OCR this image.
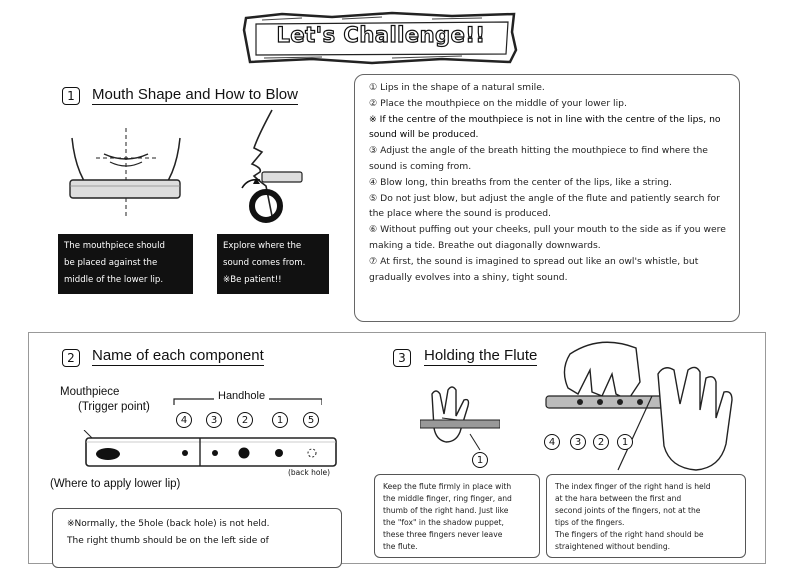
Let's Challenge!!
1	Mouth Shape and How to Blow
The mouthpiece should
be placed against the
middle of the lower lip.
Explore where the
sound comes from.
※Be patient!!

① Lips in the shape of a natural smile.

② Place the mouthpiece on the middle of your lower lip.

※ If the centre of the mouthpiece is not in line with the centre of the lips, no sound will be produced.

③ Adjust the angle of the breath hitting the mouthpiece to find where the sound is coming from.

④ Blow long, thin breaths from the center of the lips, like a string.

⑤ Do not just blow, but adjust the angle of the flute and patiently search for the place where the sound is produced.

⑥ Without puffing out your cheeks, pull your mouth to the side as if you were making a tide. Breathe out diagonally downwards.

⑦ At first, the sound is imagined to spread out like an owl's whistle, but gradually evolves into a shiny, tight sound.

2	Name of each component
Mouthpiece
(Trigger point)
Handhole
4	3	2	1	5
(back hole)
(Where to apply lower lip)
※Normally, the 5hole (back hole) is not held.
The right thumb should be on the left side of
3	Holding the Flute
1
4	3	2	1
Keep the flute firmly in place with
the middle finger, ring finger, and
thumb of the right hand. Just like
the "fox" in the shadow puppet,
these three fingers never leave
the flute.
The index finger of the right hand is held
at the hara between the first and
second joints of the fingers, not at the
tips of the fingers.
The fingers of the right hand should be
straightened without bending.
